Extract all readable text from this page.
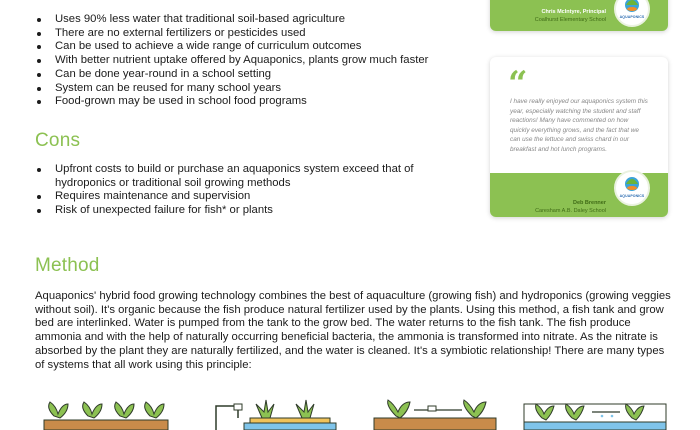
Uses 90% less water that traditional soil-based agriculture
There are no external fertilizers or pesticides used
Can be used to achieve a wide range of curriculum outcomes
With better nutrient uptake offered by Aquaponics, plants grow much faster
Can be done year-round in a school setting
System can be reused for many school years
Food-grown may be used in school food programs
Cons
Upfront costs to build or purchase an aquaponics system exceed that of hydroponics or traditional soil growing methods
Requires maintenance and supervision
Risk of unexpected failure for fish* or plants
Method

Aquaponics' hybrid food growing technology combines the best of aquaculture (growing fish) and hydroponics (growing veggies without soil). It's organic because the fish produce natural fertilizer used by the plants. Using this method, a fish tank and grow bed are interlinked. Water is pumped from the tank to the grow bed. The water returns to the fish tank. The fish produce ammonia and with the help of naturally occurring beneficial bacteria, the ammonia is transformed into nitrate. As the nitrate is absorbed by the plant they are naturally fertilized, and the water is cleaned. It's a symbiotic relationship! There are many types of systems that all work using this principle:

Chris McIntyre, Principal
Coalhurst Elementary School	AQUAPONICS
“

I have really enjoyed our aquaponics system this year, especially watching the student and staff reactions! Many have commented on how quickly everything grows, and the fact that we can use the lettuce and swiss chard in our breakfast and hot lunch programs.

Deb Brenner
Caresham A.B. Daley School
AQUAPONICS
